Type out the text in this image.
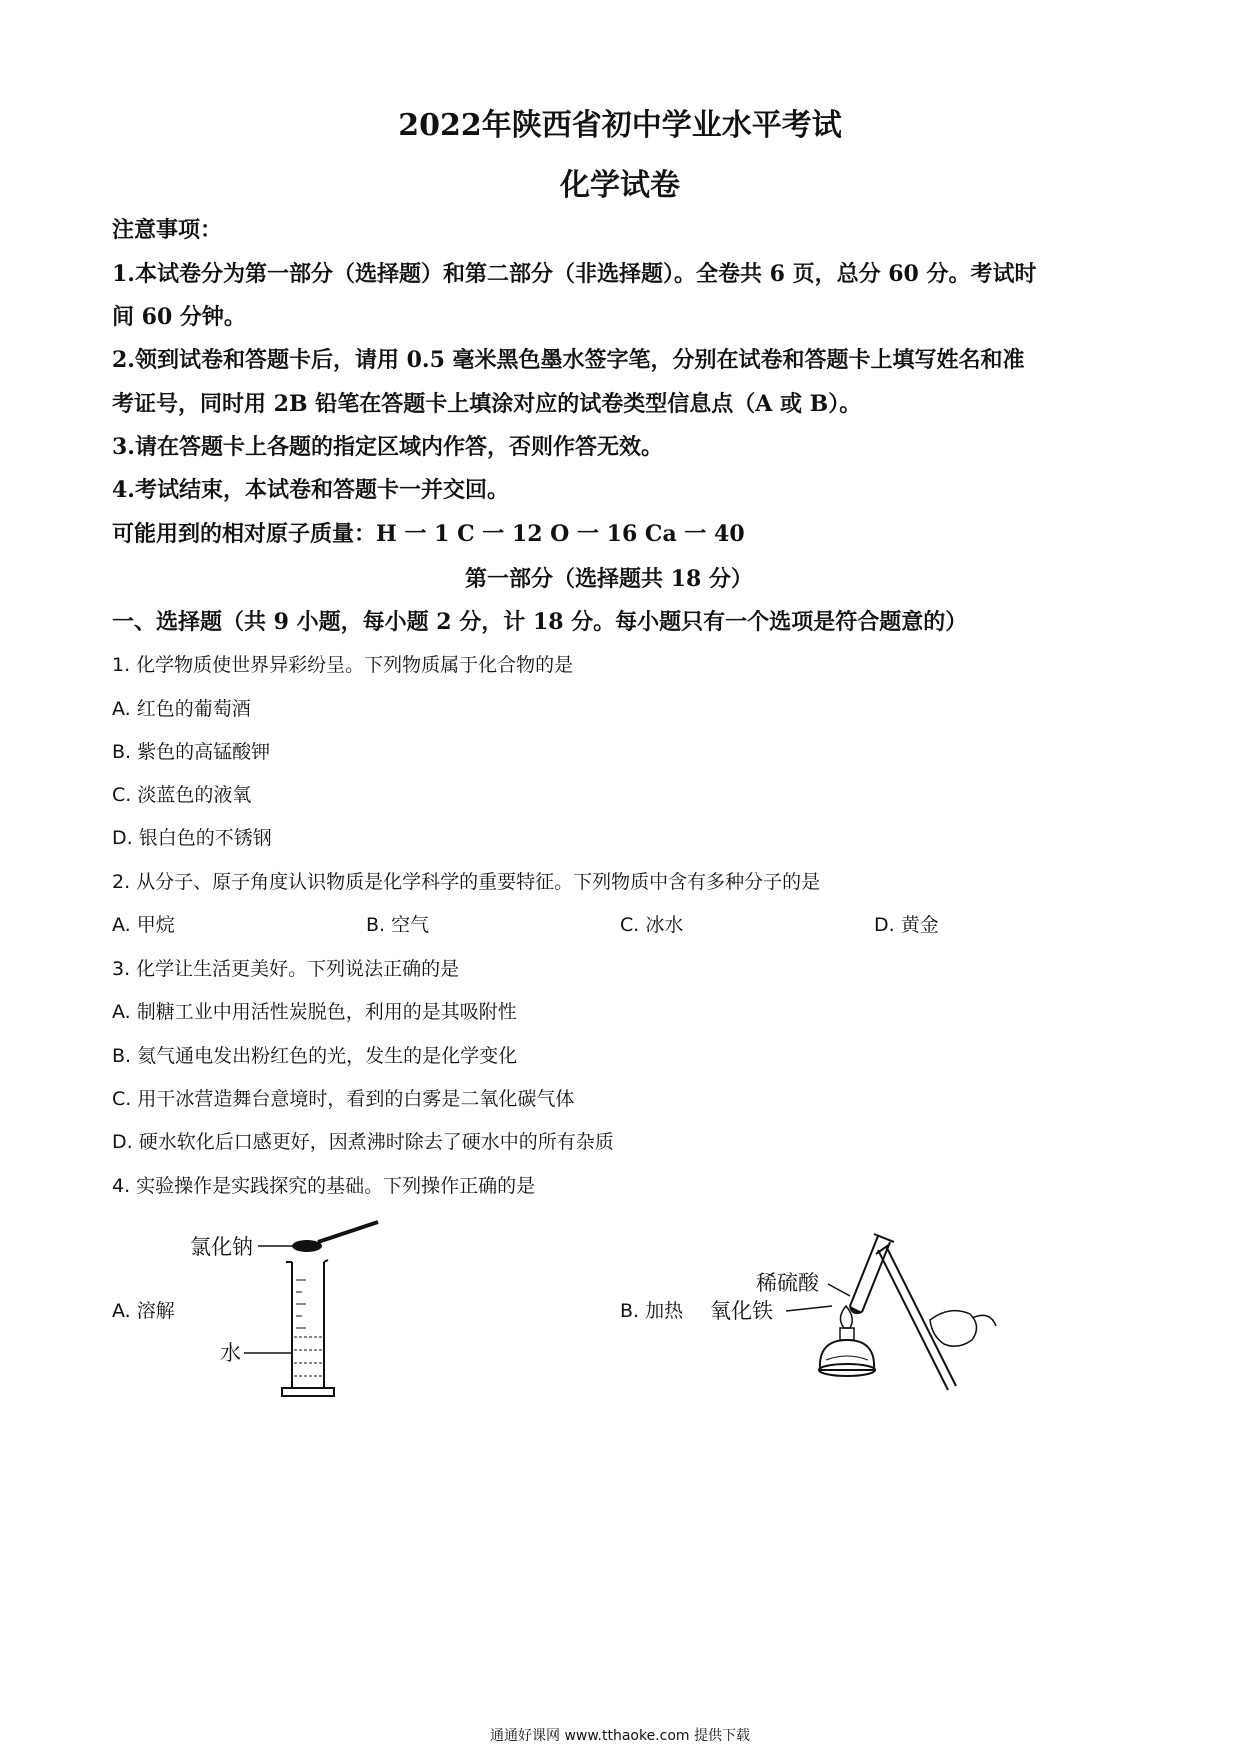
2022年陕西省初中学业水平考试
化学试卷
注意事项：
1.本试卷分为第一部分（选择题）和第二部分（非选择题）。全卷共 6 页，总分 60 分。考试时
间 60 分钟。
2.领到试卷和答题卡后，请用 0.5 毫米黑色墨水签字笔，分别在试卷和答题卡上填写姓名和准
考证号，同时用 2B 铅笔在答题卡上填涂对应的试卷类型信息点（A 或 B）。
3.请在答题卡上各题的指定区域内作答，否则作答无效。
4.考试结束，本试卷和答题卡一并交回。
可能用到的相对原子质量：H 一 1 C 一 12 O 一 16 Ca 一 40
第一部分（选择题共 18 分）
一、选择题（共 9 小题，每小题 2 分，计 18 分。每小题只有一个选项是符合题意的）
1. 化学物质使世界异彩纷呈。下列物质属于化合物的是
A. 红色的葡萄酒
B. 紫色的高锰酸钾
C. 淡蓝色的液氧
D. 银白色的不锈钢
2. 从分子、原子角度认识物质是化学科学的重要特征。下列物质中含有多种分子的是
A. 甲烷	B. 空气	C. 冰水	D. 黄金
3. 化学让生活更美好。下列说法正确的是
A. 制糖工业中用活性炭脱色，利用的是其吸附性
B. 氦气通电发出粉红色的光，发生的是化学变化
C. 用干冰营造舞台意境时，看到的白雾是二氧化碳气体
D. 硬水软化后口感更好，因煮沸时除去了硬水中的所有杂质
4. 实验操作是实践探究的基础。下列操作正确的是
A. 溶解	B. 加热
氯化钠
水
稀硫酸
氧化铁
通通好课网 www.tthaoke.com 提供下载
